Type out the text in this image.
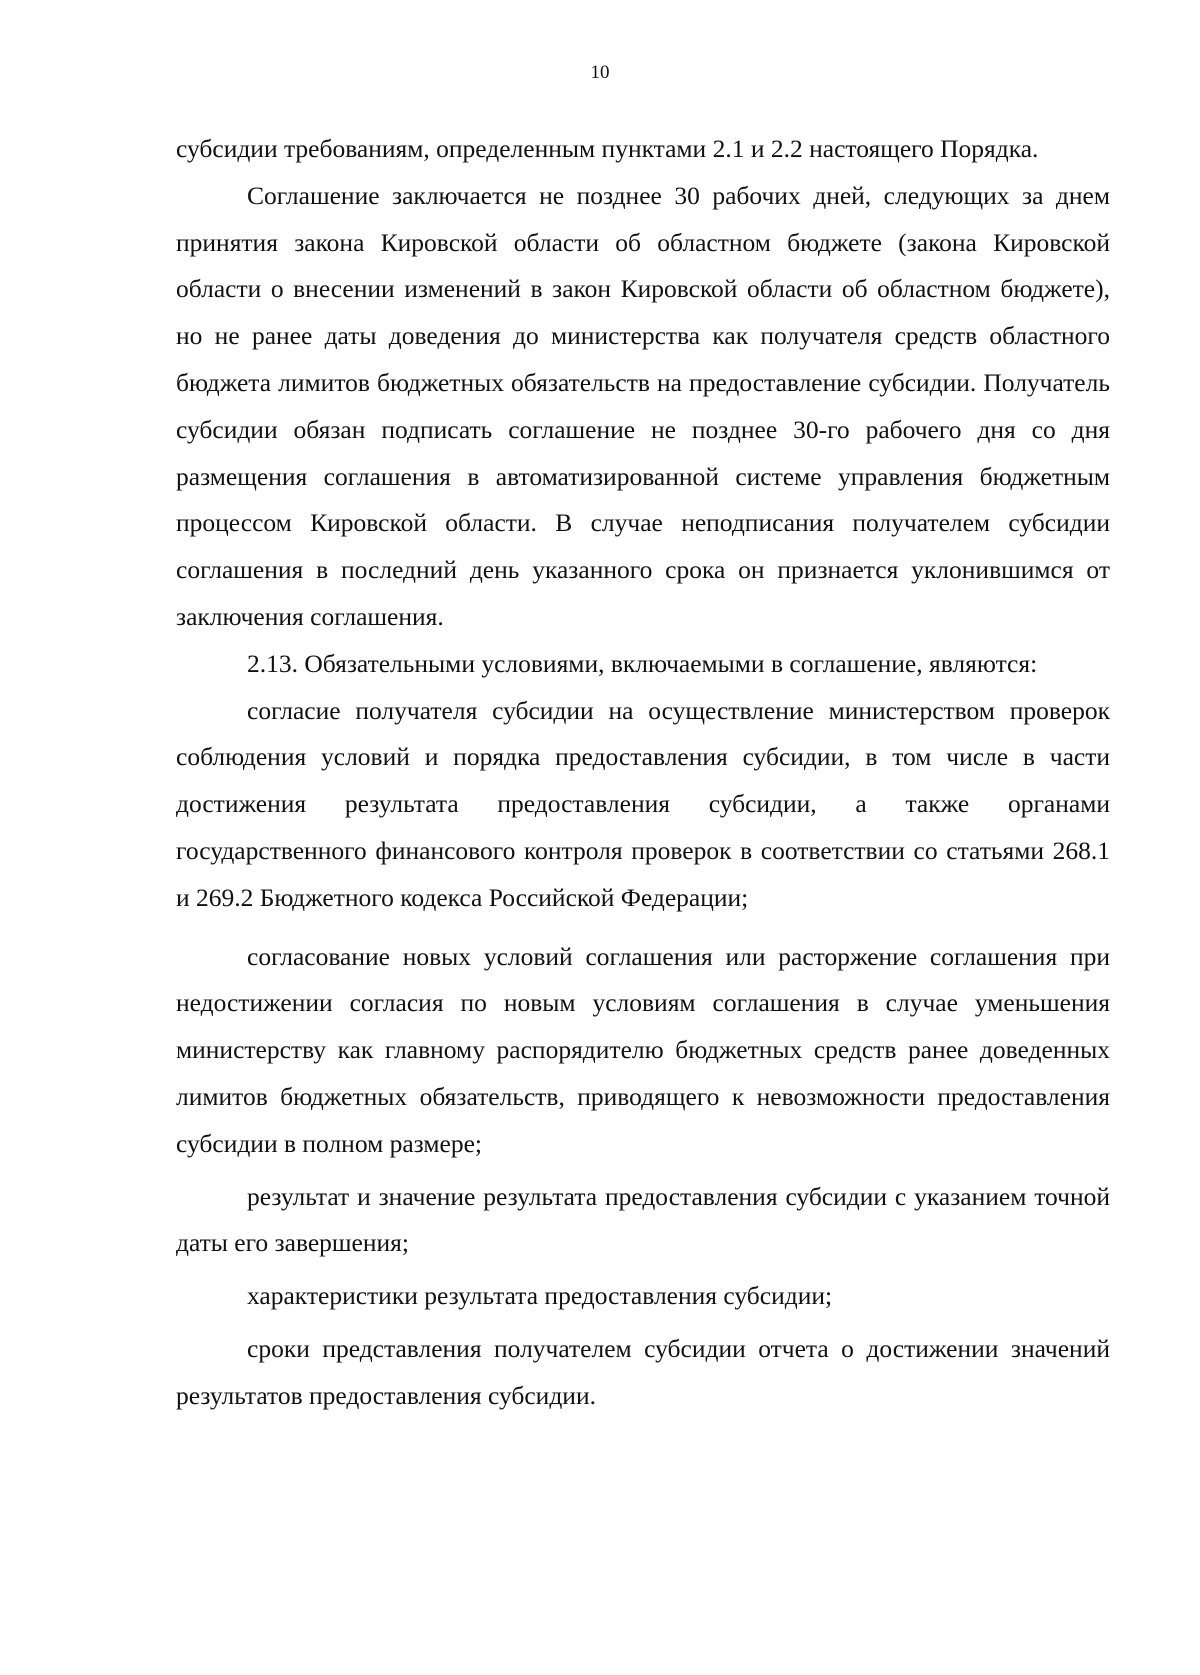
10

субсидии требованиям, определенным пунктами 2.1 и 2.2 настоящего Порядка.

Соглашение заключается не позднее 30 рабочих дней, следующих за днем принятия закона Кировской области об областном бюджете (закона Кировской области о внесении изменений в закон Кировской области об областном бюджете), но не ранее даты доведения до министерства как получателя средств областного бюджета лимитов бюджетных обязательств на предоставление субсидии. Получатель субсидии обязан подписать соглашение не позднее 30-го рабочего дня со дня размещения соглашения в автоматизированной системе управления бюджетным процессом Кировской области. В случае неподписания получателем субсидии соглашения в последний день указанного срока он признается уклонившимся от заключения соглашения.

2.13. Обязательными условиями, включаемыми в соглашение, являются:

согласие получателя субсидии на осуществление министерством проверок соблюдения условий и порядка предоставления субсидии, в том числе в части достижения результата предоставления субсидии, а также органами государственного финансового контроля проверок в соответствии со статьями 268.1 и 269.2 Бюджетного кодекса Российской Федерации;

согласование новых условий соглашения или расторжение соглашения при недостижении согласия по новым условиям соглашения в случае уменьшения министерству как главному распорядителю бюджетных средств ранее доведенных лимитов бюджетных обязательств, приводящего к невозможности предоставления субсидии в полном размере;

результат и значение результата предоставления субсидии с указанием точной даты его завершения;

характеристики результата предоставления субсидии;

сроки представления получателем субсидии отчета о достижении значений результатов предоставления субсидии.
